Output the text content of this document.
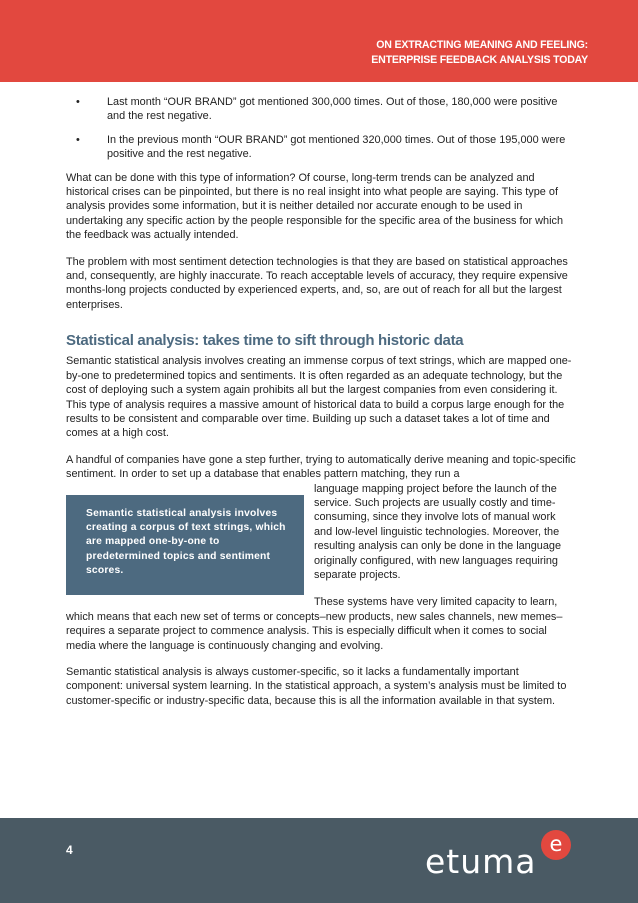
ON EXTRACTING MEANING AND FEELING:
ENTERPRISE FEEDBACK ANALYSIS TODAY
• Last month “OUR BRAND” got mentioned 300,000 times. Out of those, 180,000 were positive and the rest negative.
• In the previous month “OUR BRAND” got mentioned 320,000 times. Out of those 195,000 were positive and the rest negative.

What can be done with this type of information? Of course, long-term trends can be analyzed and historical crises can be pinpointed, but there is no real insight into what people are saying. This type of analysis provides some information, but it is neither detailed nor accurate enough to be used in undertaking any specific action by the people responsible for the specific area of the business for which the feedback was actually intended.

The problem with most sentiment detection technologies is that they are based on statistical approaches and, consequently, are highly inaccurate. To reach acceptable levels of accuracy, they require expensive months-long projects conducted by experienced experts, and, so, are out of reach for all but the largest enterprises.

Statistical analysis: takes time to sift through historic data

Semantic statistical analysis involves creating an immense corpus of text strings, which are mapped one-by-one to predetermined topics and sentiments. It is often regarded as an adequate technology, but the cost of deploying such a system again prohibits all but the largest companies from even considering it. This type of analysis requires a massive amount of historical data to build a corpus large enough for the results to be consistent and comparable over time. Building up such a dataset takes a lot of time and comes at a high cost.

A handful of companies have gone a step further, trying to automatically derive meaning and topic-specific sentiment. In order to set up a database that enables pattern matching, they run a
Semantic statistical analysis involves creating a corpus of text strings, which are mapped one-by-one to predetermined topics and sentiment scores.
language mapping project before the launch of the service. Such projects are usually costly and time-consuming, since they involve lots of manual work and low-level linguistic technologies. Moreover, the resulting analysis can only be done in the language originally configured, with new languages requiring separate projects.
These systems have very limited capacity to learn, which means that each new set of terms or concepts–new products, new sales channels, new memes–requires a separate project to commence analysis. This is especially difficult when it comes to social media where the language is continuously changing and evolving.

Semantic statistical analysis is always customer-specific, so it lacks a fundamentally important component: universal system learning. In the statistical approach, a system’s analysis must be limited to customer-specific or industry-specific data, because this is all the information available in that system.

4	etuma e
